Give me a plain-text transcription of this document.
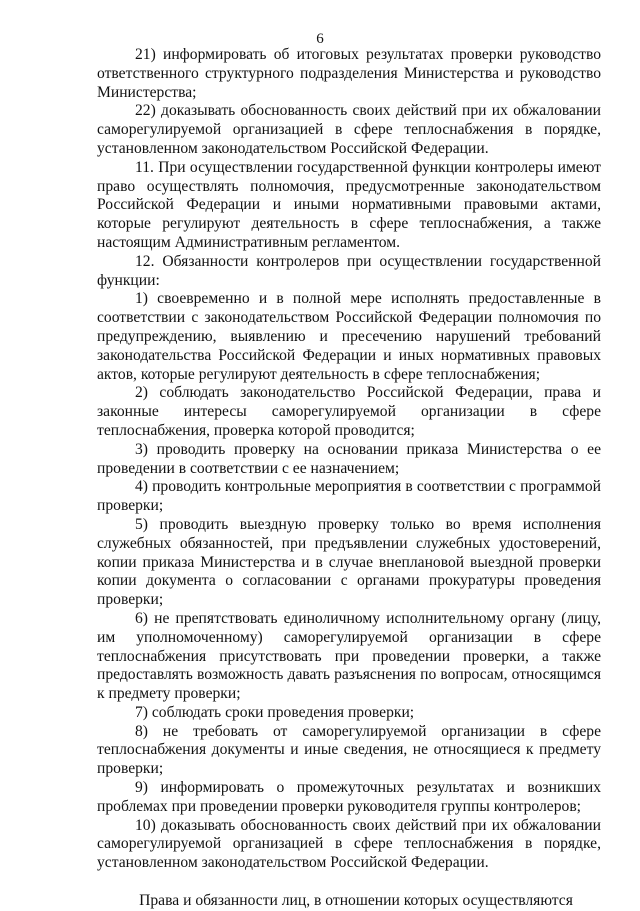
6

21) информировать об итоговых результатах проверки руководство ответственного структурного подразделения Министерства и руководство Министерства;

22) доказывать обоснованность своих действий при их обжаловании саморегулируемой организацией в сфере теплоснабжения в порядке, установленном законодательством Российской Федерации.

11. При осуществлении государственной функции контролеры имеют право осуществлять полномочия, предусмотренные законодательством Российской Федерации и иными нормативными правовыми актами, которые регулируют деятельность в сфере теплоснабжения, а также настоящим Административным регламентом.

12. Обязанности контролеров при осуществлении государственной функции:

1) своевременно и в полной мере исполнять предоставленные в соответствии с законодательством Российской Федерации полномочия по предупреждению, выявлению и пресечению нарушений требований законодательства Российской Федерации и иных нормативных правовых актов, которые регулируют деятельность в сфере теплоснабжения;

2) соблюдать законодательство Российской Федерации, права и законные интересы саморегулируемой организации в сфере теплоснабжения, проверка которой проводится;

3) проводить проверку на основании приказа Министерства о ее проведении в соответствии с ее назначением;

4) проводить контрольные мероприятия в соответствии с программой проверки;

5) проводить выездную проверку только во время исполнения служебных обязанностей, при предъявлении служебных удостоверений, копии приказа Министерства и в случае внеплановой выездной проверки копии документа о согласовании с органами прокуратуры проведения проверки;

6) не препятствовать единоличному исполнительному органу (лицу, им уполномоченному) саморегулируемой организации в сфере теплоснабжения присутствовать при проведении проверки, а также предоставлять возможность давать разъяснения по вопросам, относящимся к предмету проверки;

7) соблюдать сроки проведения проверки;

8) не требовать от саморегулируемой организации в сфере теплоснабжения документы и иные сведения, не относящиеся к предмету проверки;

9) информировать о промежуточных результатах и возникших проблемах при проведении проверки руководителя группы контролеров;

10) доказывать обоснованность своих действий при их обжаловании саморегулируемой организацией в сфере теплоснабжения в порядке, установленном законодательством Российской Федерации.

Права и обязанности лиц, в отношении которых осуществляются
